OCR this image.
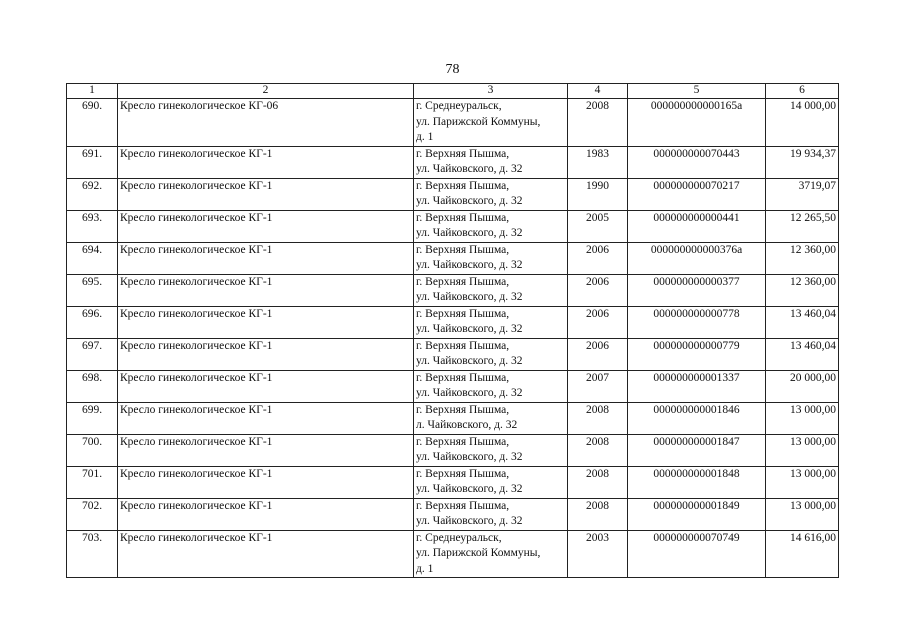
78
1	2	3	4	5	6
690.	Кресло гинекологическое КГ-06	г. Среднеуральск,
ул. Парижской Коммуны,
д. 1	2008	000000000000165а	14 000,00
691.	Кресло гинекологическое КГ-1	г. Верхняя Пышма,
ул. Чайковского, д. 32	1983	000000000070443	19 934,37
692.	Кресло гинекологическое КГ-1	г. Верхняя Пышма,
ул. Чайковского, д. 32	1990	000000000070217	3719,07
693.	Кресло гинекологическое КГ-1	г. Верхняя Пышма,
ул. Чайковского, д. 32	2005	000000000000441	12 265,50
694.	Кресло гинекологическое КГ-1	г. Верхняя Пышма,
ул. Чайковского, д. 32	2006	000000000000376а	12 360,00
695.	Кресло гинекологическое КГ-1	г. Верхняя Пышма,
ул. Чайковского, д. 32	2006	000000000000377	12 360,00
696.	Кресло гинекологическое КГ-1	г. Верхняя Пышма,
ул. Чайковского, д. 32	2006	000000000000778	13 460,04
697.	Кресло гинекологическое КГ-1	г. Верхняя Пышма,
ул. Чайковского, д. 32	2006	000000000000779	13 460,04
698.	Кресло гинекологическое КГ-1	г. Верхняя Пышма,
ул. Чайковского, д. 32	2007	000000000001337	20 000,00
699.	Кресло гинекологическое КГ-1	г. Верхняя Пышма,
л. Чайковского, д. 32	2008	000000000001846	13 000,00
700.	Кресло гинекологическое КГ-1	г. Верхняя Пышма,
ул. Чайковского, д. 32	2008	000000000001847	13 000,00
701.	Кресло гинекологическое КГ-1	г. Верхняя Пышма,
ул. Чайковского, д. 32	2008	000000000001848	13 000,00
702.	Кресло гинекологическое КГ-1	г. Верхняя Пышма,
ул. Чайковского, д. 32	2008	000000000001849	13 000,00
703.	Кресло гинекологическое КГ-1	г. Среднеуральск,
ул. Парижской Коммуны,
д. 1	2003	000000000070749	14 616,00
